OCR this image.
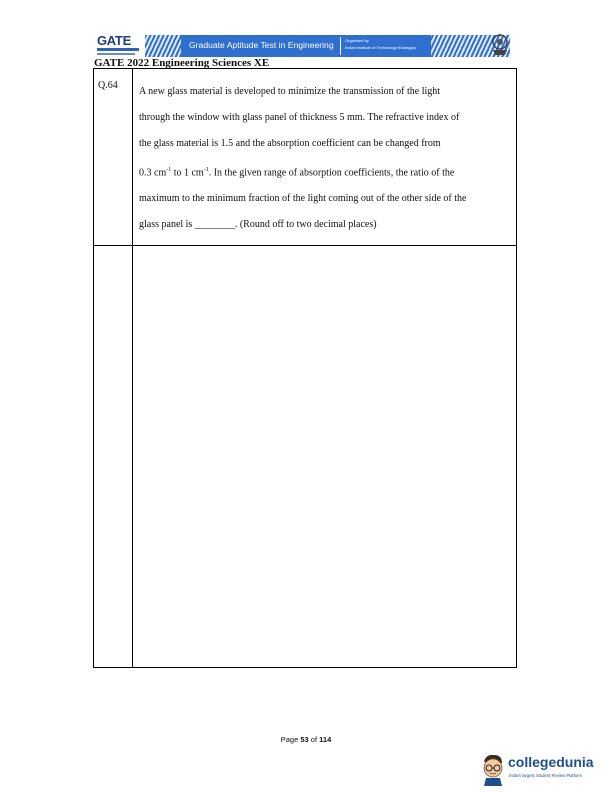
GATE	Graduate Aptitude Test in Engineering	Organised by
Indian Institute of Technology Kharagpur
GATE 2022 Engineering Sciences XE
Q.64
A new glass material is developed to minimize the transmission of the light
through the window with glass panel of thickness 5 mm. The refractive index of
the glass material is 1.5 and the absorption coefficient can be changed from
0.3 $cm^{-1}$ to 1 $cm^{-1}$. In the given range of absorption coefficients, the ratio of the
maximum to the minimum fraction of the light coming out of the other side of the
glass panel is ________. (Round off to two decimal places)
Page 53 of 114
collegedunia
India's largest Student Review Platform
